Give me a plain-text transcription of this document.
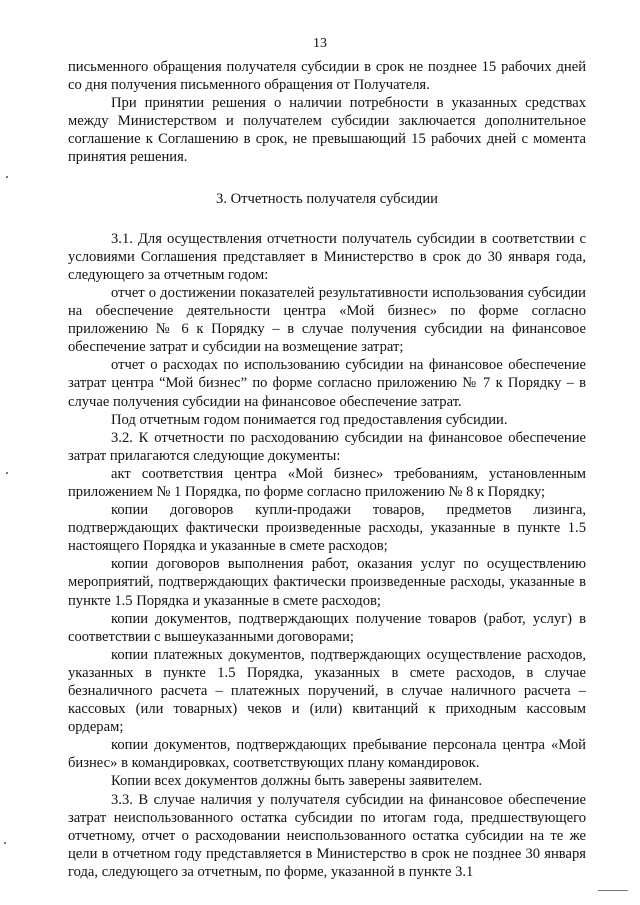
13

письменного обращения получателя субсидии в срок не позднее 15 рабочих дней со дня получения письменного обращения от Получателя.

При принятии решения о наличии потребности в указанных средствах между Министерством и получателем субсидии заключается дополнительное соглашение к Соглашению в срок, не превышающий 15 рабочих дней с момента принятия решения.

3. Отчетность получателя субсидии

3.1. Для осуществления отчетности получатель субсидии в соответствии с условиями Соглашения представляет в Министерство в срок до 30 января года, следующего за отчетным годом:

отчет о достижении показателей результативности использования субсидии на обеспечение деятельности центра «Мой бизнес» по форме согласно приложению № 6 к Порядку – в случае получения субсидии на финансовое обеспечение затрат и субсидии на возмещение затрат;

отчет о расходах по использованию субсидии на финансовое обеспечение затрат центра “Мой бизнес” по форме согласно приложению № 7 к Порядку – в случае получения субсидии на финансовое обеспечение затрат.

Под отчетным годом понимается год предоставления субсидии.

3.2. К отчетности по расходованию субсидии на финансовое обеспечение затрат прилагаются следующие документы:

акт соответствия центра «Мой бизнес» требованиям, установленным приложением № 1 Порядка, по форме согласно приложению № 8 к Порядку;

копии договоров купли-продажи товаров, предметов лизинга, подтверждающих фактически произведенные расходы, указанные в пункте 1.5 настоящего Порядка и указанные в смете расходов;

копии договоров выполнения работ, оказания услуг по осуществлению мероприятий, подтверждающих фактически произведенные расходы, указанные в пункте 1.5 Порядка и указанные в смете расходов;

копии документов, подтверждающих получение товаров (работ, услуг) в соответствии с вышеуказанными договорами;

копии платежных документов, подтверждающих осуществление расходов, указанных в пункте 1.5 Порядка, указанных в смете расходов, в случае безналичного расчета – платежных поручений, в случае наличного расчета – кассовых (или товарных) чеков и (или) квитанций к приходным кассовым ордерам;

копии документов, подтверждающих пребывание персонала центра «Мой бизнес» в командировках, соответствующих плану командировок.

Копии всех документов должны быть заверены заявителем.

3.3. В случае наличия у получателя субсидии на финансовое обеспечение затрат неиспользованного остатка субсидии по итогам года, предшествующего отчетному, отчет о расходовании неиспользованного остатка субсидии на те же цели в отчетном году представляется в Министерство в срок не позднее 30 января года, следующего за отчетным, по форме, указанной в пункте 3.1
